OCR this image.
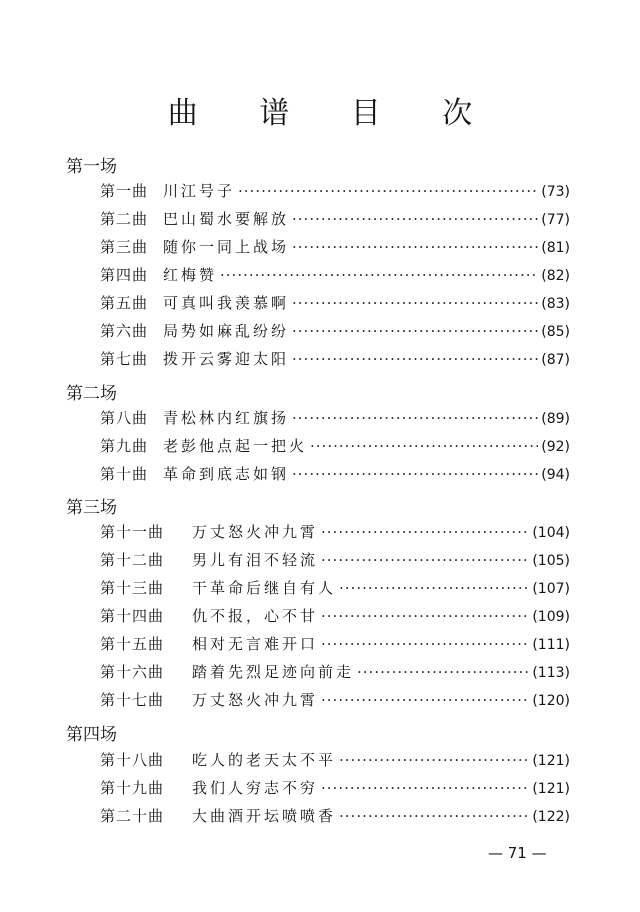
曲 谱 目 次
第一场
第一曲 川江号子 ·····	(73)
第二曲 巴山蜀水要解放 ·····	(77)
第三曲 随你一同上战场 ·····	(81)
第四曲 红梅赞 ·····	(82)
第五曲 可真叫我羡慕啊 ·····	(83)
第六曲 局势如麻乱纷纷 ·····	(85)
第七曲 拨开云雾迎太阳 ·····	(87)
第二场
第八曲 青松林内红旗扬 ·····	(89)
第九曲 老彭他点起一把火 ·····	(92)
第十曲 革命到底志如钢 ·····	(94)
第三场
第十一曲	万丈怒火冲九霄 ·····	(104)
第十二曲	男儿有泪不轻流 ·····	(105)
第十三曲	干革命后继自有人 ·····	(107)
第十四曲	仇不报，心不甘 ·····	(109)
第十五曲	相对无言难开口 ·····	(111)
第十六曲	踏着先烈足迹向前走 ·····	(113)
第十七曲	万丈怒火冲九霄 ·····	(120)
第四场
第十八曲	吃人的老天太不平 ·····	(121)
第十九曲	我们人穷志不穷 ·····	(121)
第二十曲	大曲酒开坛喷喷香 ·····	(122)
— 71 —
